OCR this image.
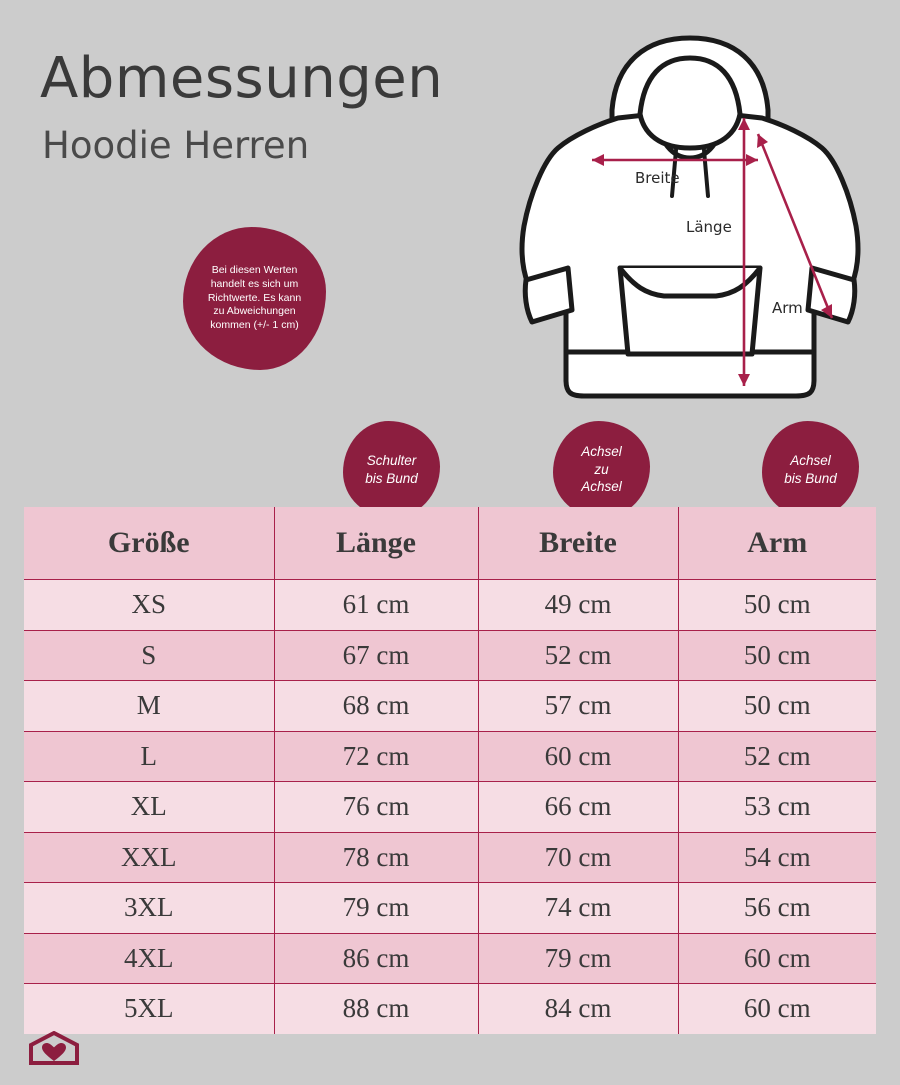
Abmessungen
Hoodie Herren
Bei diesen Werten
handelt es sich um
Richtwerte. Es kann
zu Abweichungen
kommen (+/- 1 cm)
Breite
Länge
Arm
Schulter
bis Bund
Achsel
zu
Achsel
Achsel
bis Bund
Größe	Länge	Breite	Arm
XS	61 cm	49 cm	50 cm
S	67 cm	52 cm	50 cm
M	68 cm	57 cm	50 cm
L	72 cm	60 cm	52 cm
XL	76 cm	66 cm	53 cm
XXL	78 cm	70 cm	54 cm
3XL	79 cm	74 cm	56 cm
4XL	86 cm	79 cm	60 cm
5XL	88 cm	84 cm	60 cm
